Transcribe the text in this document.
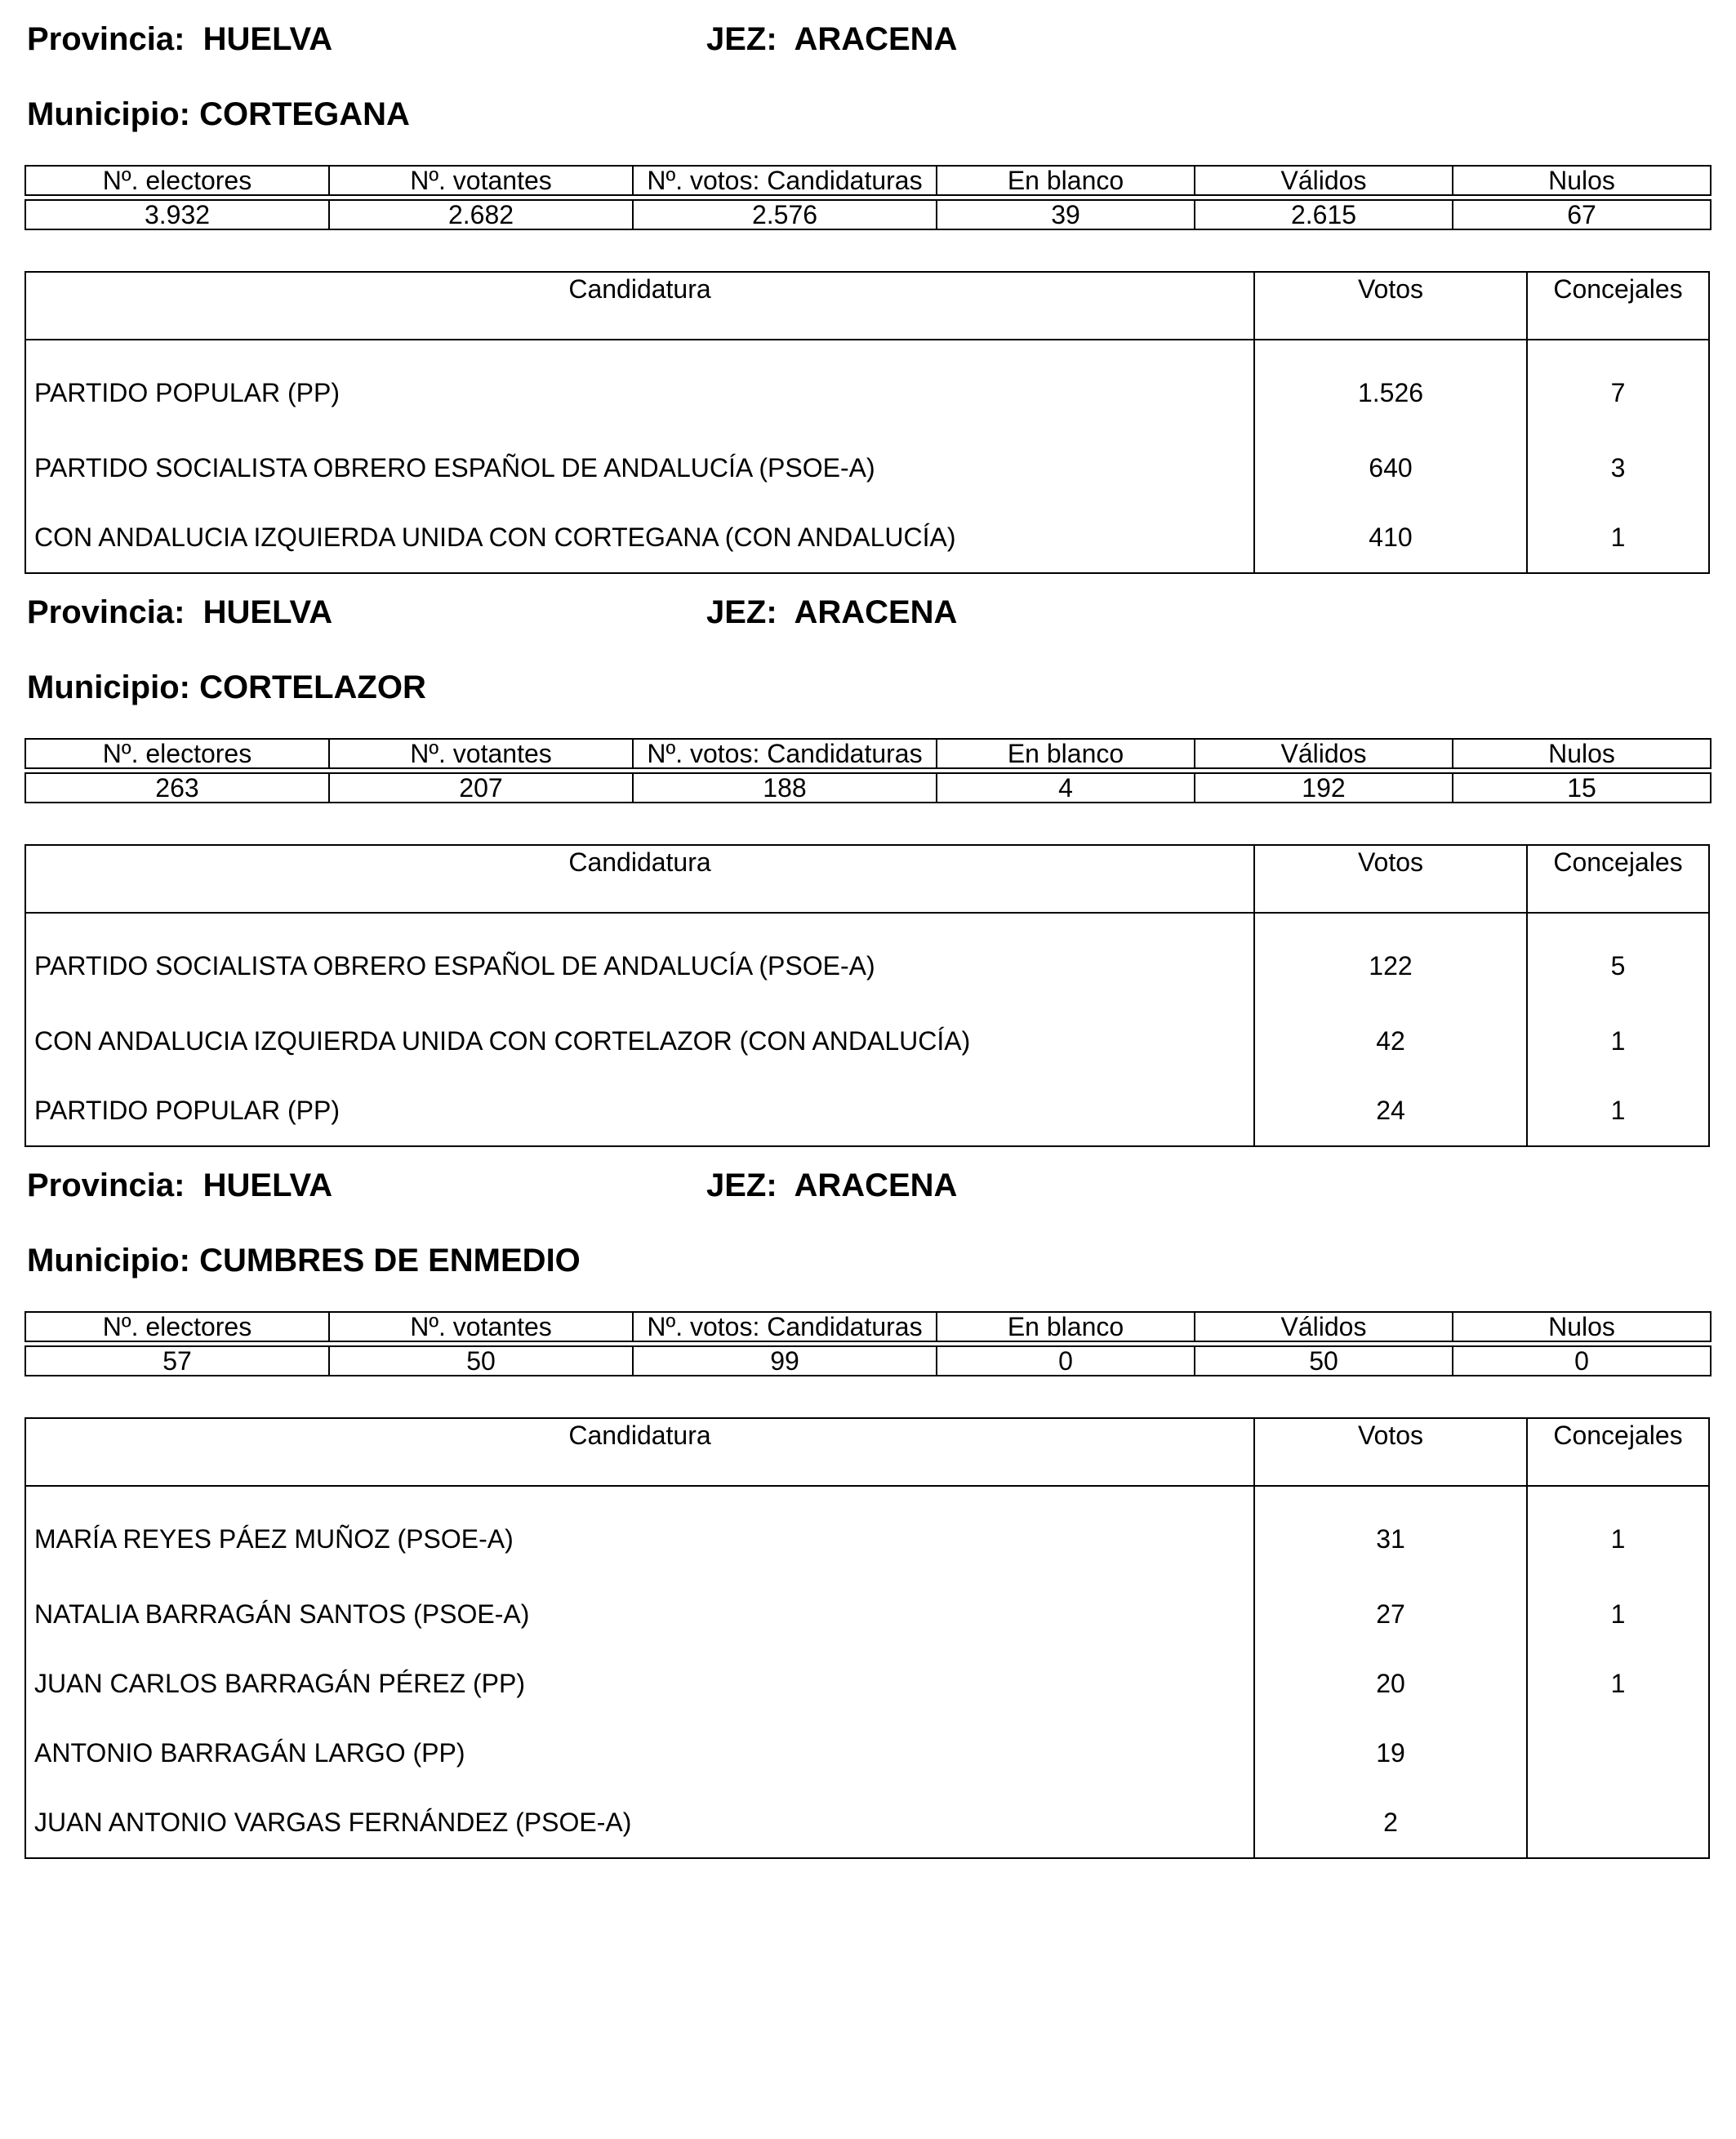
Provincia: HUELVA	JEZ: ARACENA
Municipio: CORTEGANA
Nº. electores	Nº. votantes	Nº. votos: Candidaturas	En blanco	Válidos	Nulos

3.932	2.682	2.576	39	2.615	67
Candidatura	Votos	Concejales
PARTIDO POPULAR (PP)	1.526	7
PARTIDO SOCIALISTA OBRERO ESPAÑOL DE ANDALUCÍA (PSOE-A)	640	3
CON ANDALUCIA IZQUIERDA UNIDA CON CORTEGANA (CON ANDALUCÍA)	410	1
Provincia: HUELVA	JEZ: ARACENA
Municipio: CORTELAZOR
Nº. electores	Nº. votantes	Nº. votos: Candidaturas	En blanco	Válidos	Nulos

263	207	188	4	192	15
Candidatura	Votos	Concejales
PARTIDO SOCIALISTA OBRERO ESPAÑOL DE ANDALUCÍA (PSOE-A)	122	5
CON ANDALUCIA IZQUIERDA UNIDA CON CORTELAZOR (CON ANDALUCÍA)	42	1
PARTIDO POPULAR (PP)	24	1
Provincia: HUELVA	JEZ: ARACENA
Municipio: CUMBRES DE ENMEDIO
Nº. electores	Nº. votantes	Nº. votos: Candidaturas	En blanco	Válidos	Nulos

57	50	99	0	50	0
Candidatura	Votos	Concejales
MARÍA REYES PÁEZ MUÑOZ (PSOE-A)	31	1
NATALIA BARRAGÁN SANTOS (PSOE-A)	27	1
JUAN CARLOS BARRAGÁN PÉREZ (PP)	20	1
ANTONIO BARRAGÁN LARGO (PP)	19	
JUAN ANTONIO VARGAS FERNÁNDEZ (PSOE-A)	2	
